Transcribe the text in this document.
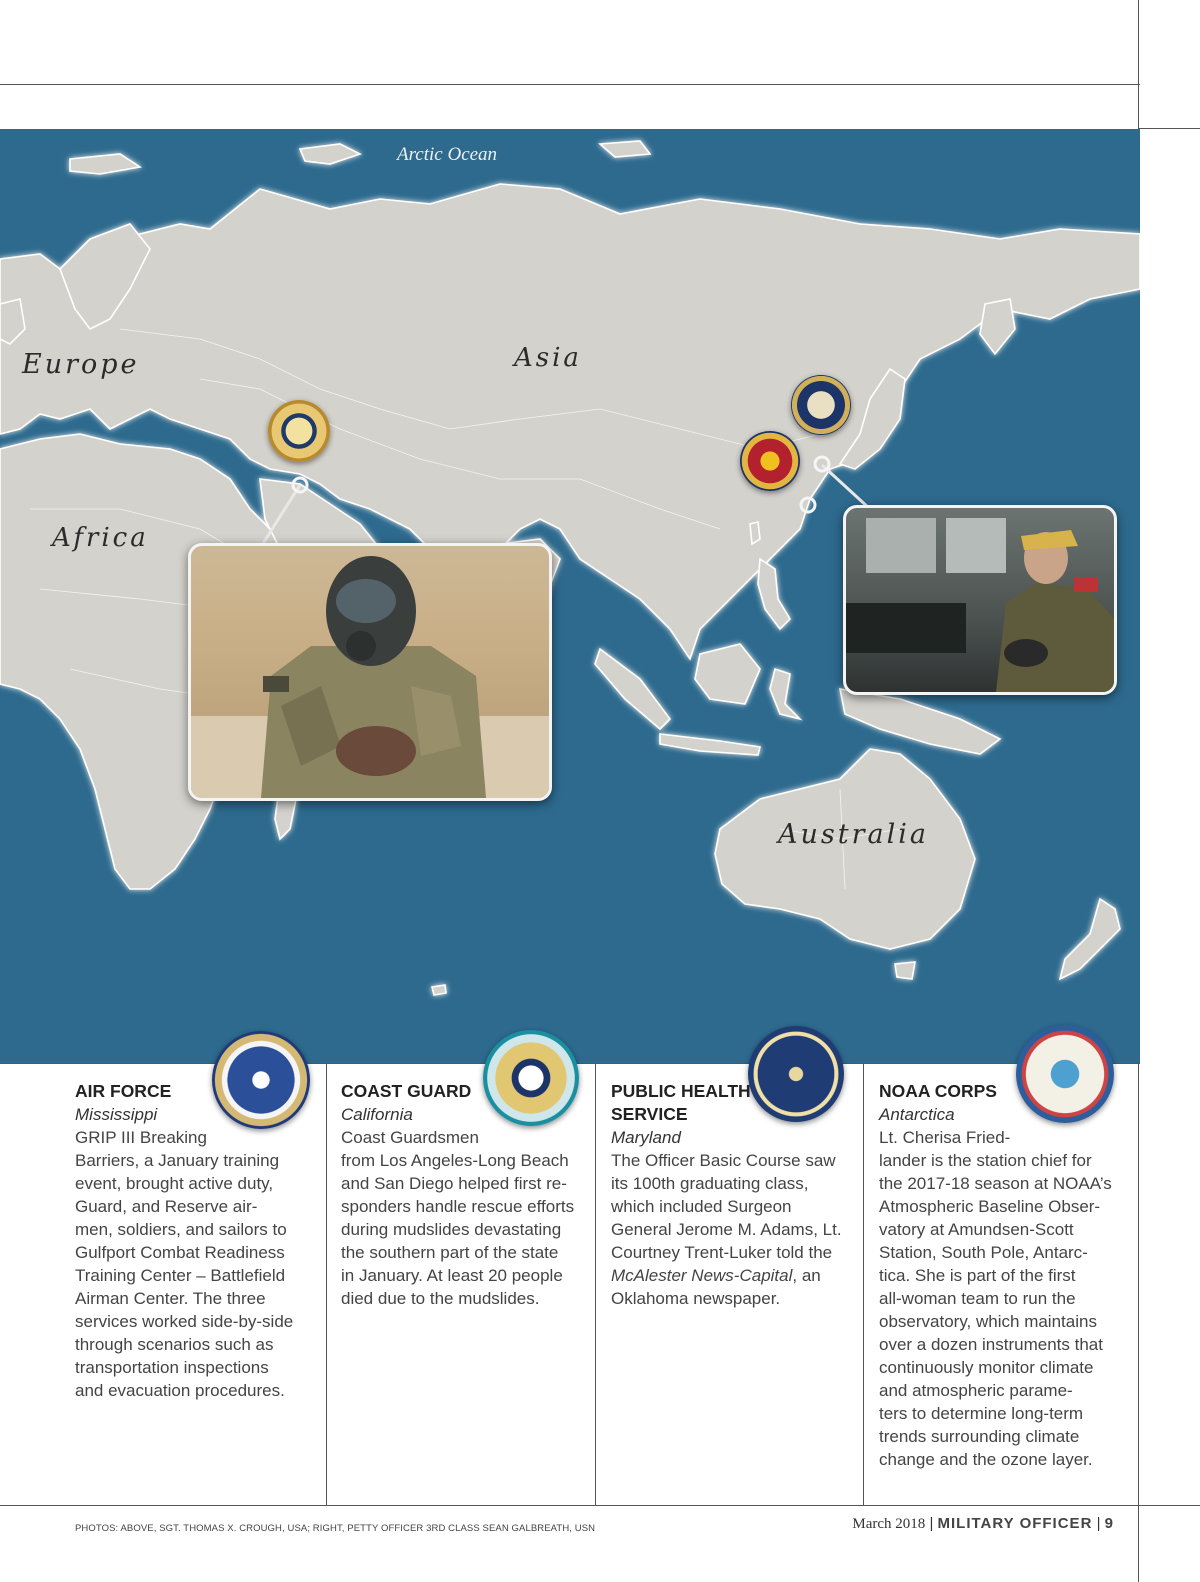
Arctic Ocean
Europe	Asia
Africa
Australia
AIR FORCE
Mississippi

GRIP III Breaking

Barriers, a January training

event, brought active duty,

Guard, and Reserve air-

men, soldiers, and sailors to

Gulfport Combat Readiness

Training Center – Battlefield

Airman Center. The three

services worked side-by-side

through scenarios such as

transportation inspections

and evacuation procedures.

COAST GUARD
California

Coast Guardsmen

from Los Angeles-Long Beach

and San Diego helped first re-

sponders handle rescue efforts

during mudslides devastating

the southern part of the state

in January. At least 20 people

died due to the mudslides.

PUBLIC HEALTH
SERVICE
Maryland

The Officer Basic Course saw

its 100th graduating class,

which included Surgeon

General Jerome M. Adams, Lt.

Courtney Trent-Luker told the

McAlester News-Capital, an

Oklahoma newspaper.

NOAA CORPS
Antarctica

Lt. Cherisa Fried-

lander is the station chief for

the 2017-18 season at NOAA’s

Atmospheric Baseline Obser-

vatory at Amundsen-Scott

Station, South Pole, Antarc-

tica. She is part of the first

all-woman team to run the

observatory, which maintains

over a dozen instruments that

continuously monitor climate

and atmospheric parame-

ters to determine long-term

trends surrounding climate

change and the ozone layer.

PHOTOS: ABOVE, SGT. THOMAS X. CROUGH, USA; RIGHT, PETTY OFFICER 3RD CLASS SEAN GALBREATH, USN	March 2018 | MILITARY OFFICER | 9
